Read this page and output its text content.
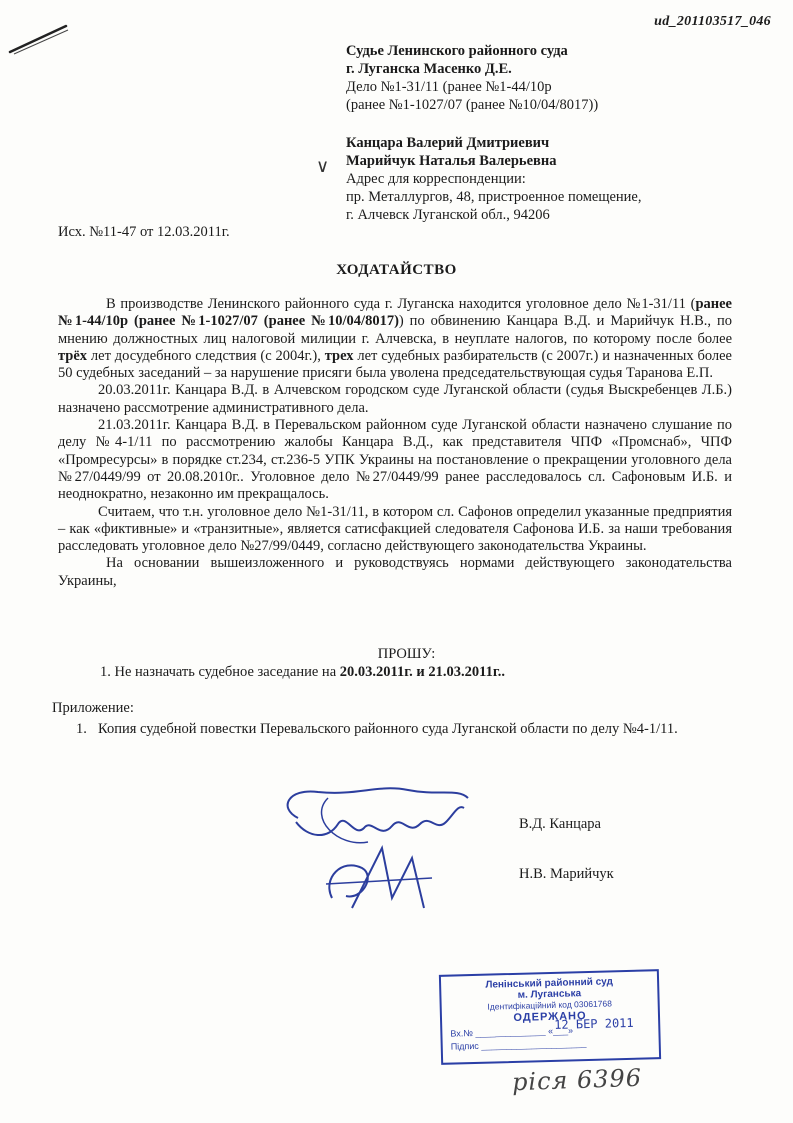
ud_201103517_046
Судье Ленинского районного суда
г. Луганска Масенко Д.Е.
Дело №1-31/11 (ранее №1-44/10р
(ранее №1-1027/07 (ранее №10/04/8017))
∨
Канцара Валерий Дмитриевич
Марийчук Наталья Валерьевна
Адрес для корреспонденции:
пр. Металлургов, 48, пристроенное помещение,
г. Алчевск Луганской обл., 94206
Исх. №11-47 от 12.03.2011г.
ХОДАТАЙСТВО

В производстве Ленинского районного суда г. Луганска находится уголовное дело №1-31/11 (ранее №1-44/10р (ранее №1-1027/07 (ранее №10/04/8017)) по обвинению Канцара В.Д. и Марийчук Н.В., по мнению должностных лиц налоговой милиции г. Алчевска, в неуплате налогов, по которому после более трёх лет досудебного следствия (с 2004г.), трех лет судебных разбирательств (с 2007г.) и назначенных более 50 судебных заседаний – за нарушение присяги была уволена председательствующая судья Таранова Е.П.

20.03.2011г. Канцара В.Д. в Алчевском городском суде Луганской области (судья Выскребенцев Л.Б.) назначено рассмотрение административного дела.

21.03.2011г. Канцара В.Д. в Перевальском районном суде Луганской области назначено слушание по делу №4-1/11 по рассмотрению жалобы Канцара В.Д., как представителя ЧПФ «Промснаб», ЧПФ «Промресурсы» в порядке ст.234, ст.236-5 УПК Украины на постановление о прекращении уголовного дела №27/0449/99 от 20.08.2010г.. Уголовное дело №27/0449/99 ранее расследовалось сл. Сафоновым И.Б. и неоднократно, незаконно им прекращалось.

Считаем, что т.н. уголовное дело №1-31/11, в котором сл. Сафонов определил указанные предприятия – как «фиктивные» и «транзитные», является сатисфакцией следователя Сафонова И.Б. за наши требования расследовать уголовное дело №27/99/0449, согласно действующего законодательства Украины.

На основании вышеизложенного и руководствуясь нормами действующего законодательства Украины,

ПРОШУ:
1. Не назначать судебное заседание на 20.03.2011г. и 21.03.2011г..
Приложение:
1. Копия судебной повестки Перевальского районного суда Луганской области по делу №4-1/11.
В.Д. Канцара
Н.В. Марийчук
Ленінський районний суд
м. Луганська
Ідентифікаційний код 03061768
ОДЕРЖАНО
Вх.№ ______________ «___»
Підпис _____________________
12 БЕР 2011
ріся 6396
